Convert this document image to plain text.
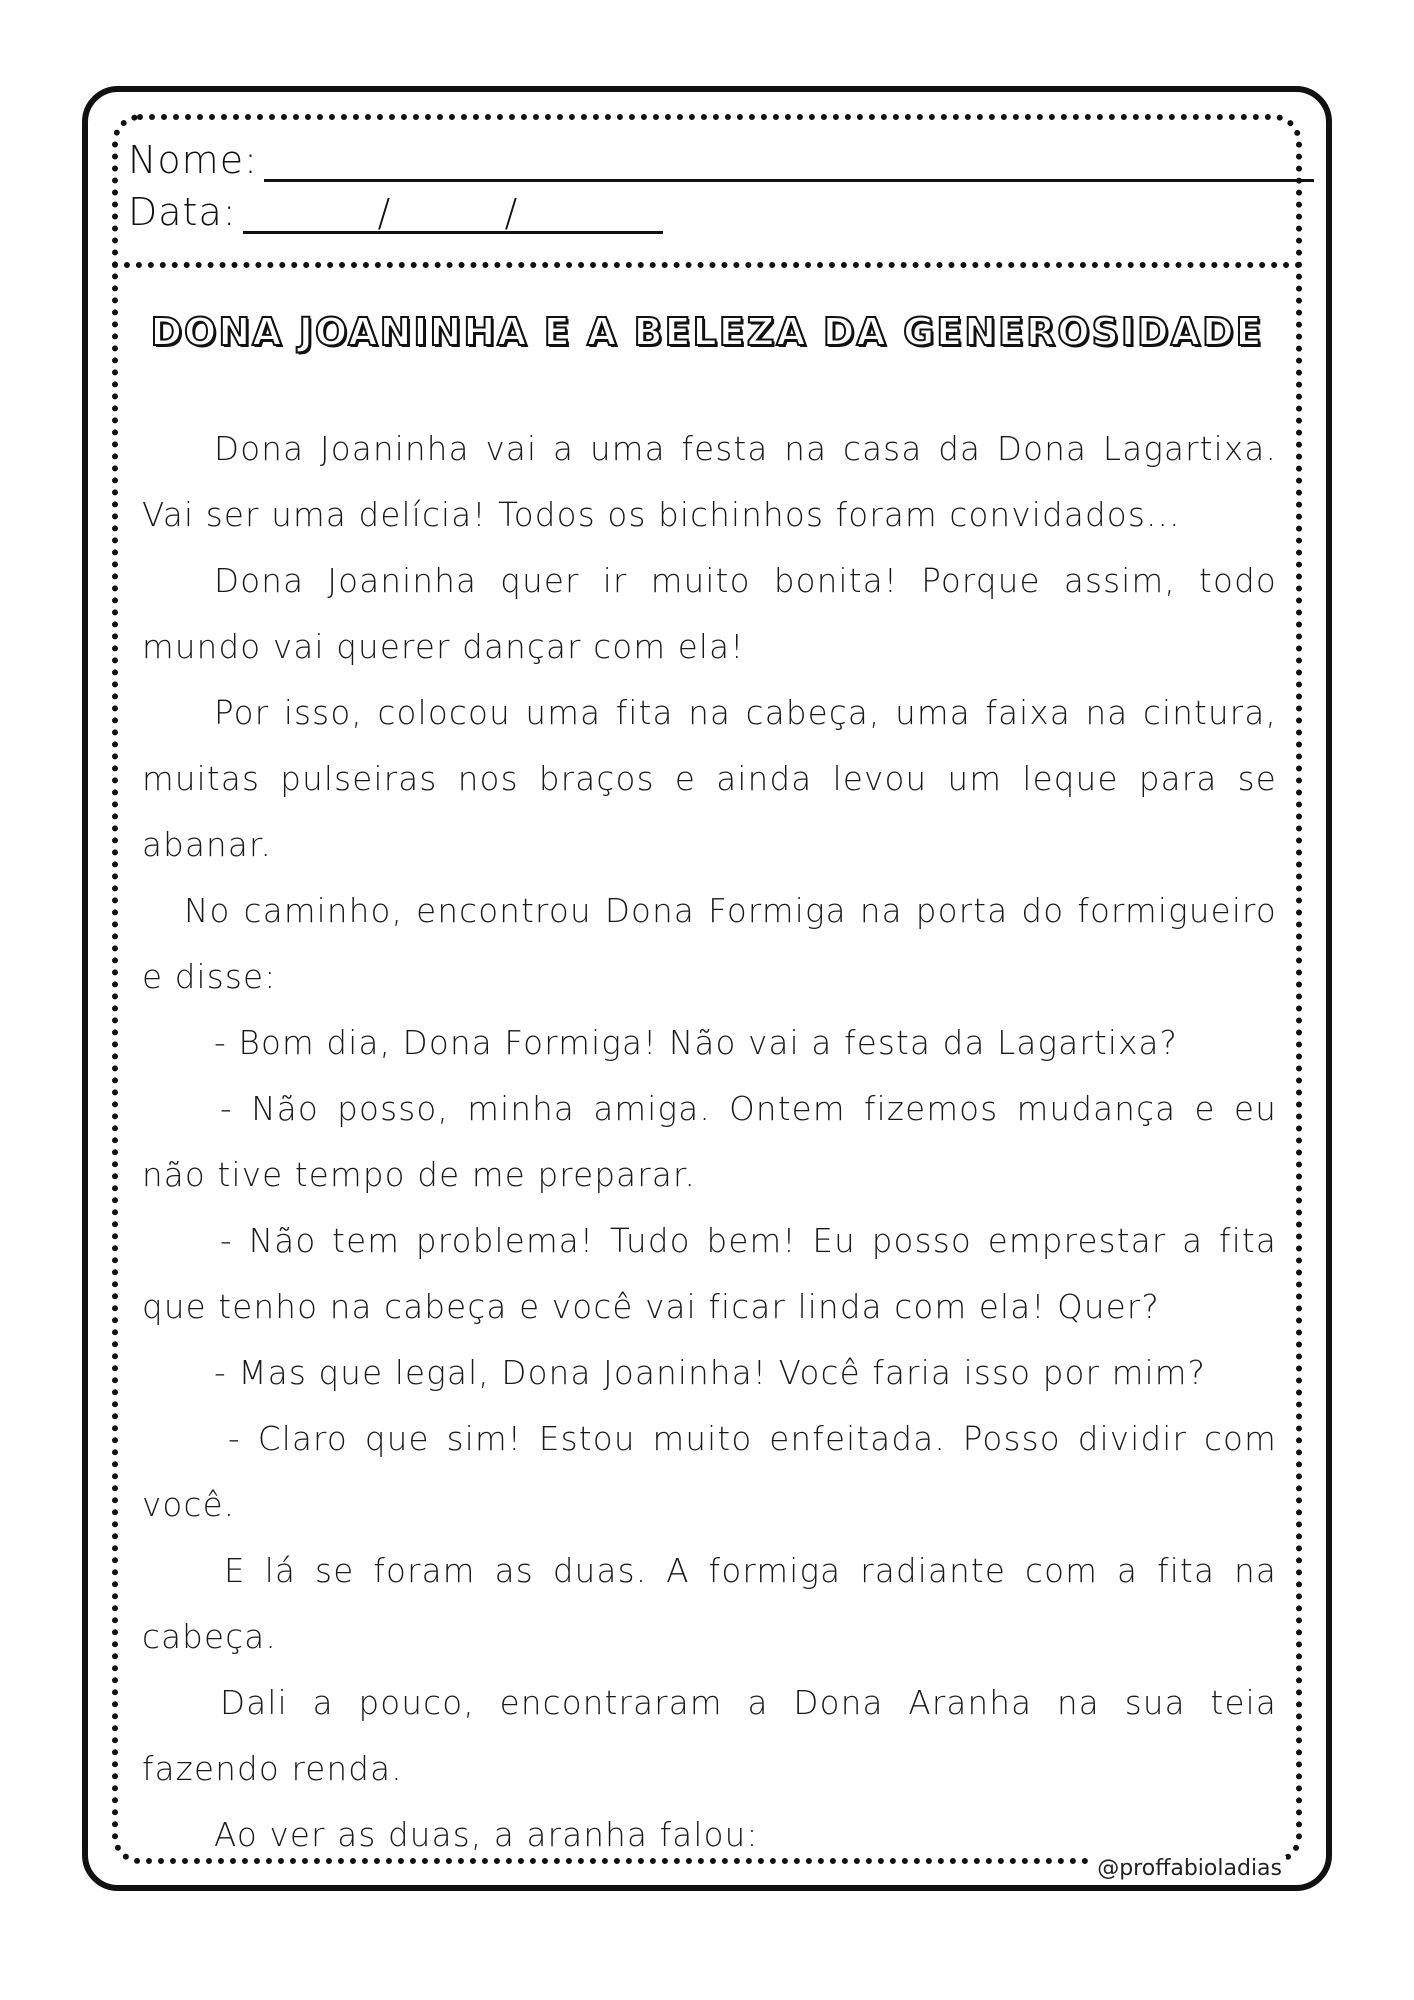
Nome:
Data:	/	/
DONA JOANINHA E A BELEZA DA GENEROSIDADE

Dona Joaninha vai a uma festa na casa da Dona Lagartixa. Vai ser uma delícia! Todos os bichinhos foram convidados...

Dona Joaninha quer ir muito bonita! Porque assim, todo mundo vai querer dançar com ela!

Por isso, colocou uma fita na cabeça, uma faixa na cintura, muitas pulseiras nos braços e ainda levou um leque para se abanar.

No caminho, encontrou Dona Formiga na porta do formigueiro e disse:

- Bom dia, Dona Formiga! Não vai a festa da Lagartixa?

- Não posso, minha amiga. Ontem fizemos mudança e eu não tive tempo de me preparar.

- Não tem problema! Tudo bem! Eu posso emprestar a fita que tenho na cabeça e você vai ficar linda com ela! Quer?

- Mas que legal, Dona Joaninha! Você faria isso por mim?

- Claro que sim! Estou muito enfeitada. Posso dividir com você.

E lá se foram as duas. A formiga radiante com a fita na cabeça.

Dali a pouco, encontraram a Dona Aranha na sua teia fazendo renda.

Ao ver as duas, a aranha falou:

@proffabioladias
